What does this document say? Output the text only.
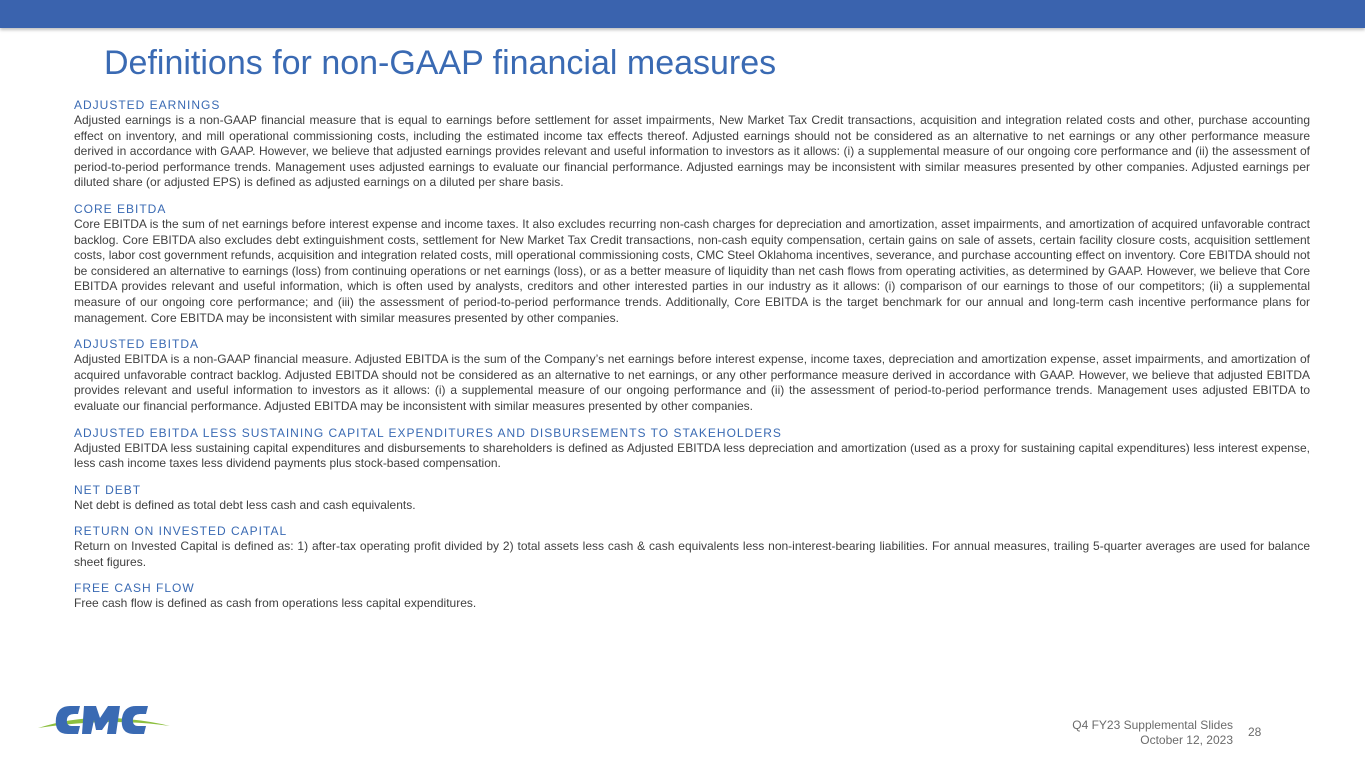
Definitions for non-GAAP financial measures
ADJUSTED EARNINGS

Adjusted earnings is a non-GAAP financial measure that is equal to earnings before settlement for asset impairments, New Market Tax Credit transactions, acquisition and integration related costs and other, purchase accounting effect on inventory, and mill operational commissioning costs, including the estimated income tax effects thereof. Adjusted earnings should not be considered as an alternative to net earnings or any other performance measure derived in accordance with GAAP. However, we believe that adjusted earnings provides relevant and useful information to investors as it allows: (i) a supplemental measure of our ongoing core performance and (ii) the assessment of period-to-period performance trends. Management uses adjusted earnings to evaluate our financial performance. Adjusted earnings may be inconsistent with similar measures presented by other companies. Adjusted earnings per diluted share (or adjusted EPS) is defined as adjusted earnings on a diluted per share basis.

CORE EBITDA

Core EBITDA is the sum of net earnings before interest expense and income taxes. It also excludes recurring non-cash charges for depreciation and amortization, asset impairments, and amortization of acquired unfavorable contract backlog. Core EBITDA also excludes debt extinguishment costs, settlement for New Market Tax Credit transactions, non-cash equity compensation, certain gains on sale of assets, certain facility closure costs, acquisition settlement costs, labor cost government refunds, acquisition and integration related costs, mill operational commissioning costs, CMC Steel Oklahoma incentives, severance, and purchase accounting effect on inventory. Core EBITDA should not be considered an alternative to earnings (loss) from continuing operations or net earnings (loss), or as a better measure of liquidity than net cash flows from operating activities, as determined by GAAP. However, we believe that Core EBITDA provides relevant and useful information, which is often used by analysts, creditors and other interested parties in our industry as it allows: (i) comparison of our earnings to those of our competitors; (ii) a supplemental measure of our ongoing core performance; and (iii) the assessment of period-to-period performance trends. Additionally, Core EBITDA is the target benchmark for our annual and long-term cash incentive performance plans for management. Core EBITDA may be inconsistent with similar measures presented by other companies.

ADJUSTED EBITDA

Adjusted EBITDA is a non-GAAP financial measure. Adjusted EBITDA is the sum of the Company’s net earnings before interest expense, income taxes, depreciation and amortization expense, asset impairments, and amortization of acquired unfavorable contract backlog. Adjusted EBITDA should not be considered as an alternative to net earnings, or any other performance measure derived in accordance with GAAP. However, we believe that adjusted EBITDA provides relevant and useful information to investors as it allows: (i) a supplemental measure of our ongoing performance and (ii) the assessment of period-to-period performance trends. Management uses adjusted EBITDA to evaluate our financial performance. Adjusted EBITDA may be inconsistent with similar measures presented by other companies.

ADJUSTED EBITDA LESS SUSTAINING CAPITAL EXPENDITURES AND DISBURSEMENTS TO STAKEHOLDERS

Adjusted EBITDA less sustaining capital expenditures and disbursements to shareholders is defined as Adjusted EBITDA less depreciation and amortization (used as a proxy for sustaining capital expenditures) less interest expense, less cash income taxes less dividend payments plus stock-based compensation.

NET DEBT

Net debt is defined as total debt less cash and cash equivalents.

RETURN ON INVESTED CAPITAL

Return on Invested Capital is defined as: 1) after-tax operating profit divided by 2) total assets less cash & cash equivalents less non-interest-bearing liabilities. For annual measures, trailing 5-quarter averages are used for balance sheet figures.

FREE CASH FLOW

Free cash flow is defined as cash from operations less capital expenditures.

CMC	Q4 FY23 Supplemental Slides
October 12, 2023
28
